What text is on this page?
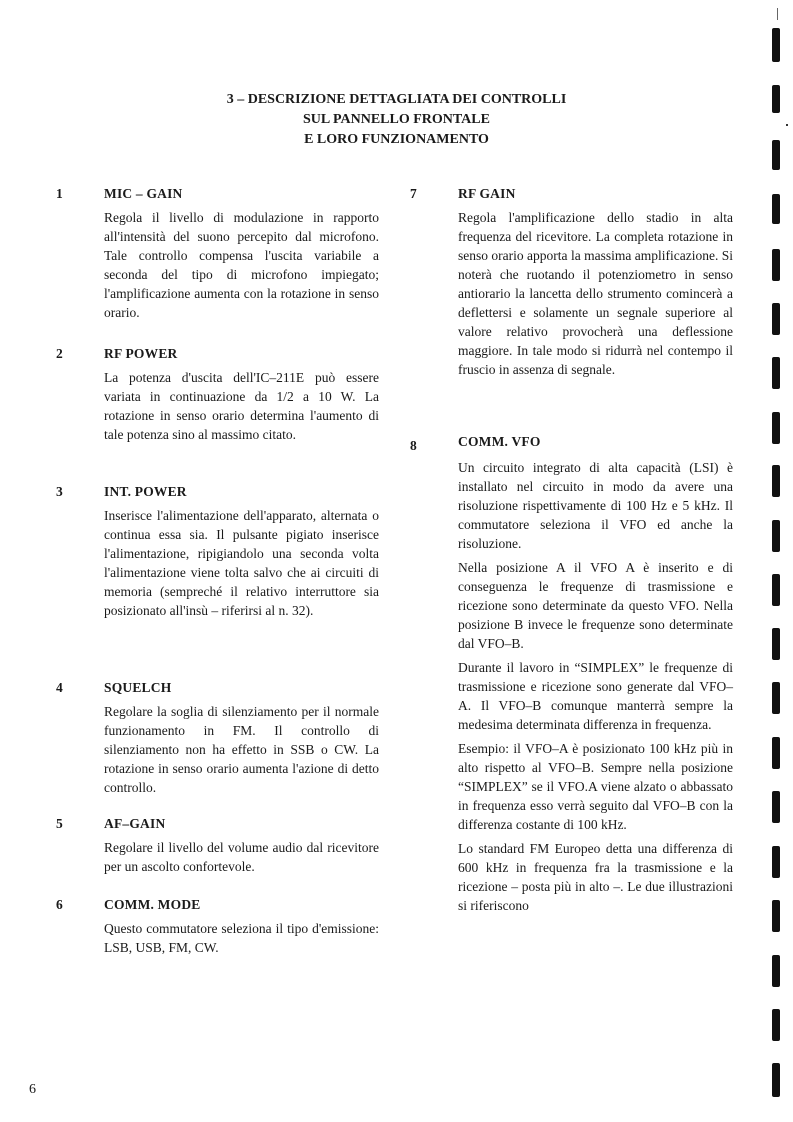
3 – DESCRIZIONE DETTAGLIATA DEI CONTROLLI
SUL PANNELLO FRONTALE
E LORO FUNZIONAMENTO
1	MIC – GAIN

Regola il livello di modulazione in rapporto all'intensità del suono percepito dal microfono. Tale controllo compensa l'uscita variabile a seconda del tipo di microfono impiegato; l'amplificazione aumenta con la rotazione in senso orario.

2	RF POWER

La potenza d'uscita dell'IC–211E può essere variata in continuazione da 1/2 a 10 W. La rotazione in senso orario determina l'aumento di tale potenza sino al massimo citato.

3	INT. POWER

Inserisce l'alimentazione dell'apparato, alternata o continua essa sia. Il pulsante pigiato inserisce l'alimentazione, ripigiandolo una seconda volta l'alimentazione viene tolta salvo che ai circuiti di memoria (sempreché il relativo interruttore sia posizionato all'insù – riferirsi al n. 32).

4	SQUELCH

Regolare la soglia di silenziamento per il normale funzionamento in FM. Il controllo di silenziamento non ha effetto in SSB o CW. La rotazione in senso orario aumenta l'azione di detto controllo.

5	AF–GAIN

Regolare il livello del volume audio dal ricevitore per un ascolto confortevole.

6	COMM. MODE

Questo commutatore seleziona il tipo d'emissione: LSB, USB, FM, CW.

7	RF GAIN

Regola l'amplificazione dello stadio in alta frequenza del ricevitore. La completa rotazione in senso orario apporta la massima amplificazione. Si noterà che ruotando il potenziometro in senso antiorario la lancetta dello strumento comincerà a deflettersi e solamente un segnale superiore al valore relativo provocherà una deflessione maggiore. In tale modo si ridurrà nel contempo il fruscio in assenza di segnale.

8	COMM. VFO

Un circuito integrato di alta capacità (LSI) è installato nel circuito in modo da avere una risoluzione rispettivamente di 100 Hz e 5 kHz. Il commutatore seleziona il VFO ed anche la risoluzione.

Nella posizione A il VFO A è inserito e di conseguenza le frequenze di trasmissione e ricezione sono determinate da questo VFO. Nella posizione B invece le frequenze sono determinate dal VFO–B.

Durante il lavoro in “SIMPLEX” le frequenze di trasmissione e ricezione sono generate dal VFO–A. Il VFO–B comunque manterrà sempre la medesima determinata differenza in frequenza.

Esempio: il VFO–A è posizionato 100 kHz più in alto rispetto al VFO–B. Sempre nella posizione “SIMPLEX” se il VFO.A viene alzato o abbassato in frequenza esso verrà seguito dal VFO–B con la differenza costante di 100 kHz.

Lo standard FM Europeo detta una differenza di 600 kHz in frequenza fra la trasmissione e la ricezione – posta più in alto –. Le due illustrazioni si riferiscono

6
